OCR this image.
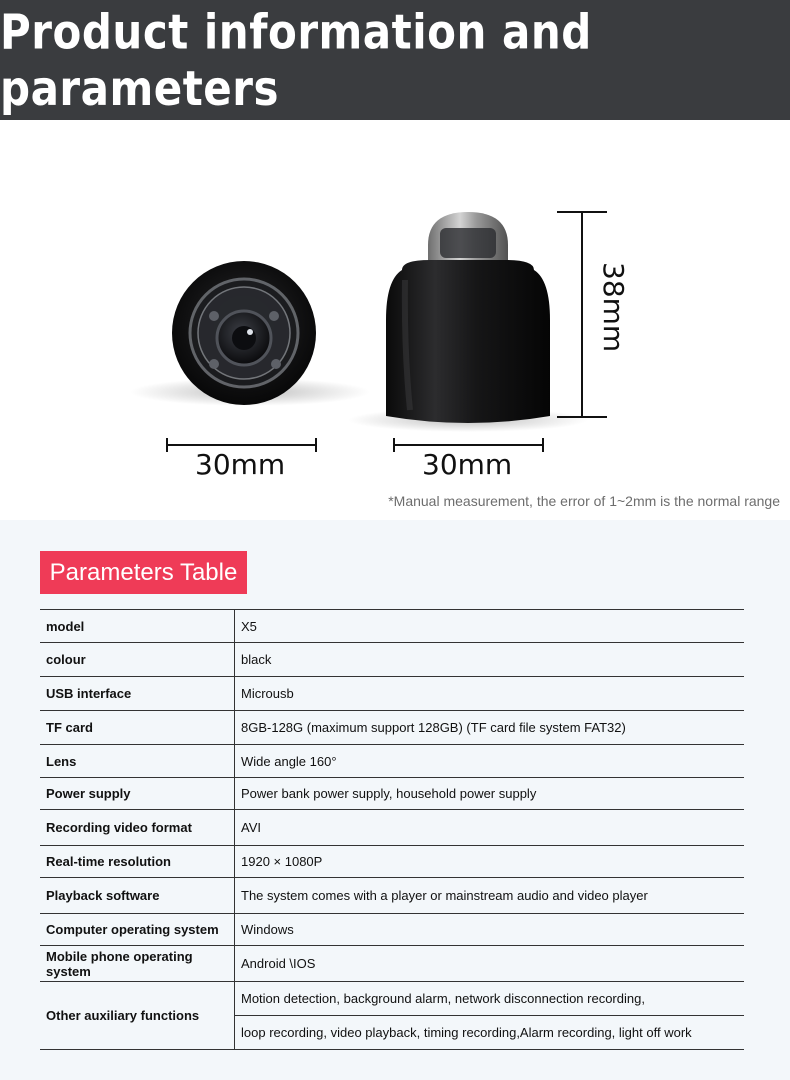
Product information and parameters
30mm	30mm
38mm
*Manual measurement, the error of 1~2mm is the normal range
Parameters Table
model	X5
colour	black
USB interface	Microusb
TF card	8GB-128G (maximum support 128GB) (TF card file system FAT32)
Lens	Wide angle 160°
Power supply	Power bank power supply, household power supply
Recording video format	AVI
Real-time resolution	1920 × 1080P
Playback software	The system comes with a player or mainstream audio and video player
Computer operating system	Windows
Mobile phone operating system	Android \IOS
Other auxiliary functions	Motion detection, background alarm, network disconnection recording,
loop recording, video playback, timing recording,Alarm recording, light off work
